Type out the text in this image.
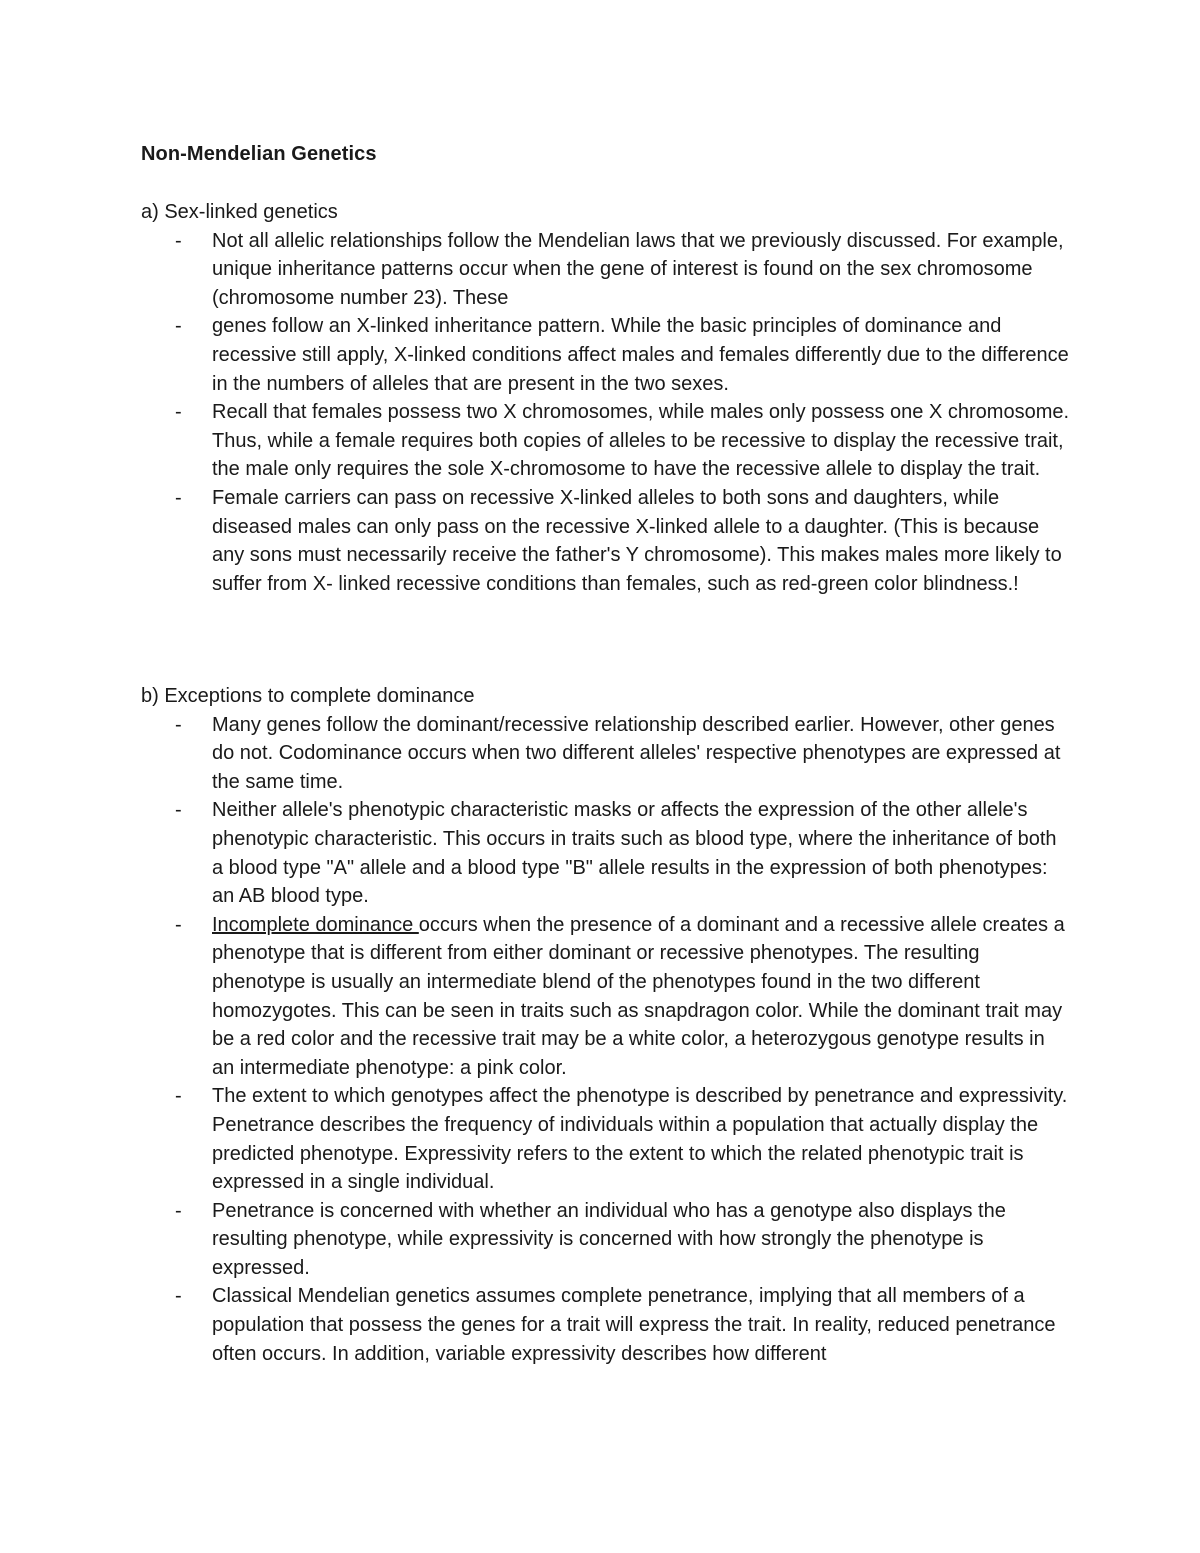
Non-Mendelian Genetics
a) Sex-linked genetics
- Not all allelic relationships follow the Mendelian laws that we previously discussed. For example, unique inheritance patterns occur when the gene of interest is found on the sex chromosome (chromosome number 23). These
- genes follow an X-linked inheritance pattern. While the basic principles of dominance and recessive still apply, X-linked conditions affect males and females differently due to the difference in the numbers of alleles that are present in the two sexes.
- Recall that females possess two X chromosomes, while males only possess one X chromosome. Thus, while a female requires both copies of alleles to be recessive to display the recessive trait, the male only requires the sole X-chromosome to have the recessive allele to display the trait.
- Female carriers can pass on recessive X-linked alleles to both sons and daughters, while diseased males can only pass on the recessive X-linked allele to a daughter. (This is because any sons must necessarily receive the father's Y chromosome). This makes males more likely to suffer from X- linked recessive conditions than females, such as red-green color blindness.!
b) Exceptions to complete dominance
- Many genes follow the dominant/recessive relationship described earlier. However, other genes do not. Codominance occurs when two different alleles' respective phenotypes are expressed at the same time.
- Neither allele's phenotypic characteristic masks or affects the expression of the other allele's phenotypic characteristic. This occurs in traits such as blood type, where the inheritance of both a blood type "A" allele and a blood type "B" allele results in the expression of both phenotypes: an AB blood type.
- Incomplete dominance occurs when the presence of a dominant and a recessive allele creates a phenotype that is different from either dominant or recessive phenotypes. The resulting phenotype is usually an intermediate blend of the phenotypes found in the two different homozygotes. This can be seen in traits such as snapdragon color. While the dominant trait may be a red color and the recessive trait may be a white color, a heterozygous genotype results in an intermediate phenotype: a pink color.
- The extent to which genotypes affect the phenotype is described by penetrance and expressivity. Penetrance describes the frequency of individuals within a population that actually display the predicted phenotype. Expressivity refers to the extent to which the related phenotypic trait is expressed in a single individual.
- Penetrance is concerned with whether an individual who has a genotype also displays the resulting phenotype, while expressivity is concerned with how strongly the phenotype is expressed.
- Classical Mendelian genetics assumes complete penetrance, implying that all members of a population that possess the genes for a trait will express the trait. In reality, reduced penetrance often occurs. In addition, variable expressivity describes how different
